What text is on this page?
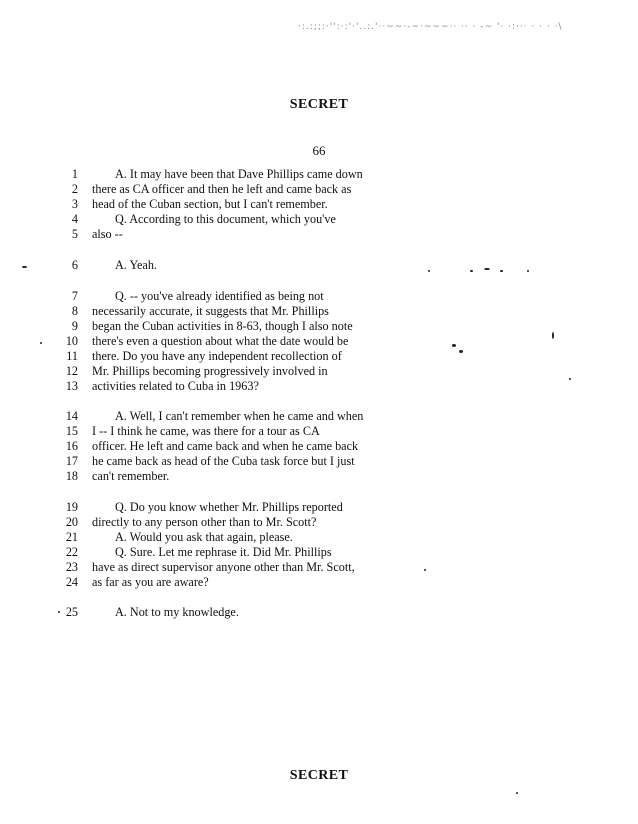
·:.:;;:·'':·:'·'..:.'··~~·-~·~~~·· ·· · -~ '· ·:··· · · · ·\
SECRET
66
1	A. It may have been that Dave Phillips came down
2 there as CA officer and then he left and came back as
3 head of the Cuban section, but I can't remember.
4	Q. According to this document, which you've
5 also --
6	A. Yeah.
7	Q. -- you've already identified as being not
8 necessarily accurate, it suggests that Mr. Phillips
9 began the Cuban activities in 8-63, though I also note
10 there's even a question about what the date would be
11 there. Do you have any independent recollection of
12 Mr. Phillips becoming progressively involved in
13 activities related to Cuba in 1963?
14	A. Well, I can't remember when he came and when
15 I -- I think he came, was there for a tour as CA
16 officer. He left and came back and when he came back
17 he came back as head of the Cuba task force but I just
18 can't remember.
19	Q. Do you know whether Mr. Phillips reported
20 directly to any person other than to Mr. Scott?
21	A. Would you ask that again, please.
22	Q. Sure. Let me rephrase it. Did Mr. Phillips
23 have as direct supervisor anyone other than Mr. Scott,
24 as far as you are aware?
25	A. Not to my knowledge.
SECRET
